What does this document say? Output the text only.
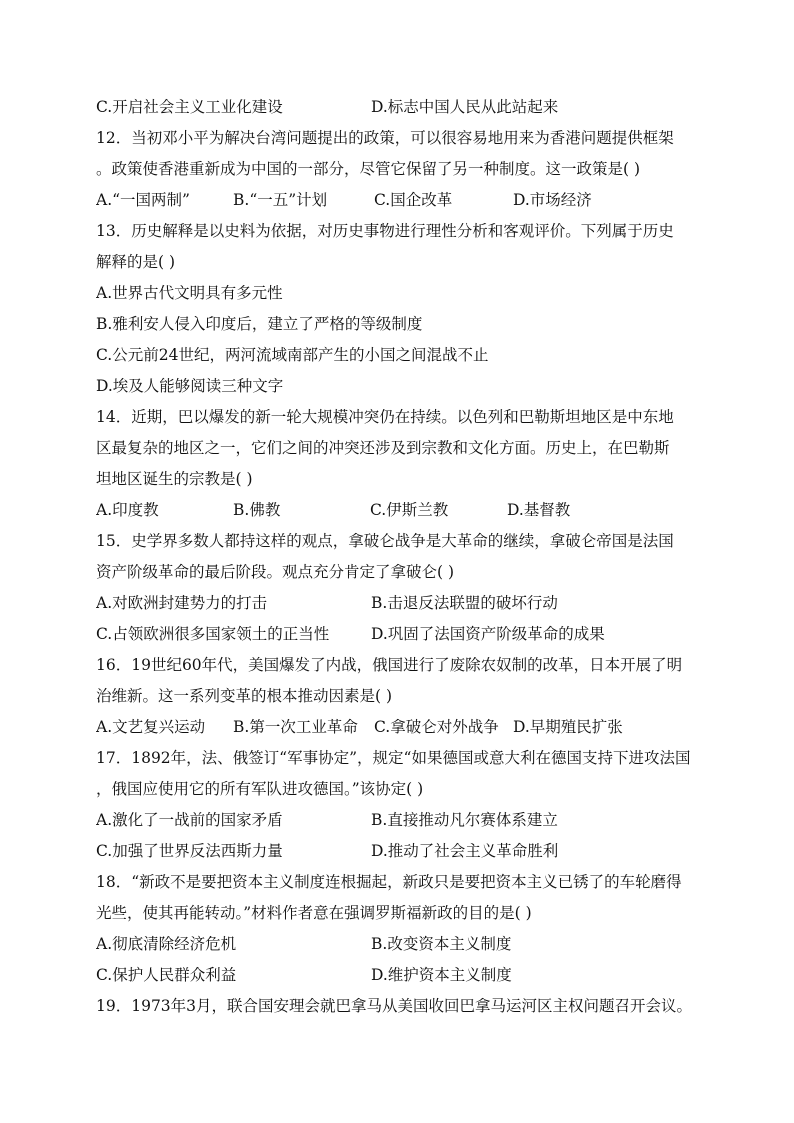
C.开启社会主义工业化建设	D.标志中国人民从此站起来
12．当初邓小平为解决台湾问题提出的政策，可以很容易地用来为香港问题提供框架
。政策使香港重新成为中国的一部分，尽管它保留了另一种制度。这一政策是( )
A.“一国两制”	B.“一五”计划	C.国企改革	D.市场经济
13．历史解释是以史料为依据，对历史事物进行理性分析和客观评价。下列属于历史
解释的是( )
A.世界古代文明具有多元性
B.雅利安人侵入印度后，建立了严格的等级制度
C.公元前24世纪，两河流域南部产生的小国之间混战不止
D.埃及人能够阅读三种文字
14．近期，巴以爆发的新一轮大规模冲突仍在持续。以色列和巴勒斯坦地区是中东地
区最复杂的地区之一，它们之间的冲突还涉及到宗教和文化方面。历史上，在巴勒斯
坦地区诞生的宗教是( )
A.印度教	B.佛教	C.伊斯兰教	D.基督教
15．史学界多数人都持这样的观点，拿破仑战争是大革命的继续，拿破仑帝国是法国
资产阶级革命的最后阶段。观点充分肯定了拿破仑( )
A.对欧洲封建势力的打击	B.击退反法联盟的破坏行动
C.占领欧洲很多国家领土的正当性	D.巩固了法国资产阶级革命的成果
16．19世纪60年代，美国爆发了内战，俄国进行了废除农奴制的改革，日本开展了明
治维新。这一系列变革的根本推动因素是( )
A.文艺复兴运动	B.第一次工业革命	C.拿破仑对外战争 D.早期殖民扩张
17．1892年，法、俄签订“军事协定”，规定“如果德国或意大利在德国支持下进攻法国
，俄国应使用它的所有军队进攻德国。”该协定( )
A.激化了一战前的国家矛盾	B.直接推动凡尔赛体系建立
C.加强了世界反法西斯力量	D.推动了社会主义革命胜利
18．“新政不是要把资本主义制度连根掘起，新政只是要把资本主义已锈了的车轮磨得
光些，使其再能转动。”材料作者意在强调罗斯福新政的目的是( )
A.彻底清除经济危机	B.改变资本主义制度
C.保护人民群众利益	D.维护资本主义制度
19．1973年3月，联合国安理会就巴拿马从美国收回巴拿马运河区主权问题召开会议。
